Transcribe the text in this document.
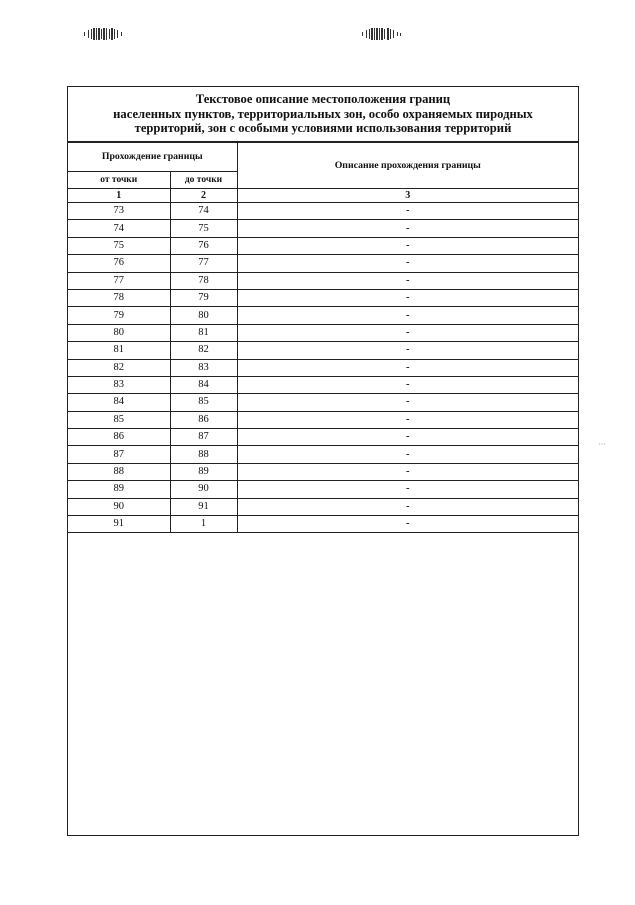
Текстовое описание местоположения границ
населенных пунктов, территориальных зон, особо охраняемых пиродных
территорий, зон с особыми условиями использования территорий
Прохождение границы		Описание прохождения границы
от точки	до точки	
1	2	3
73	74	-
74	75	-
75	76	-
76	77	-
77	78	-
78	79	-
79	80	-
80	81	-
81	82	-
82	83	-
83	84	-
84	85	-
85	86	-
86	87	-
87	88	-
88	89	-
89	90	-
90	91	-
91	1	-
···
